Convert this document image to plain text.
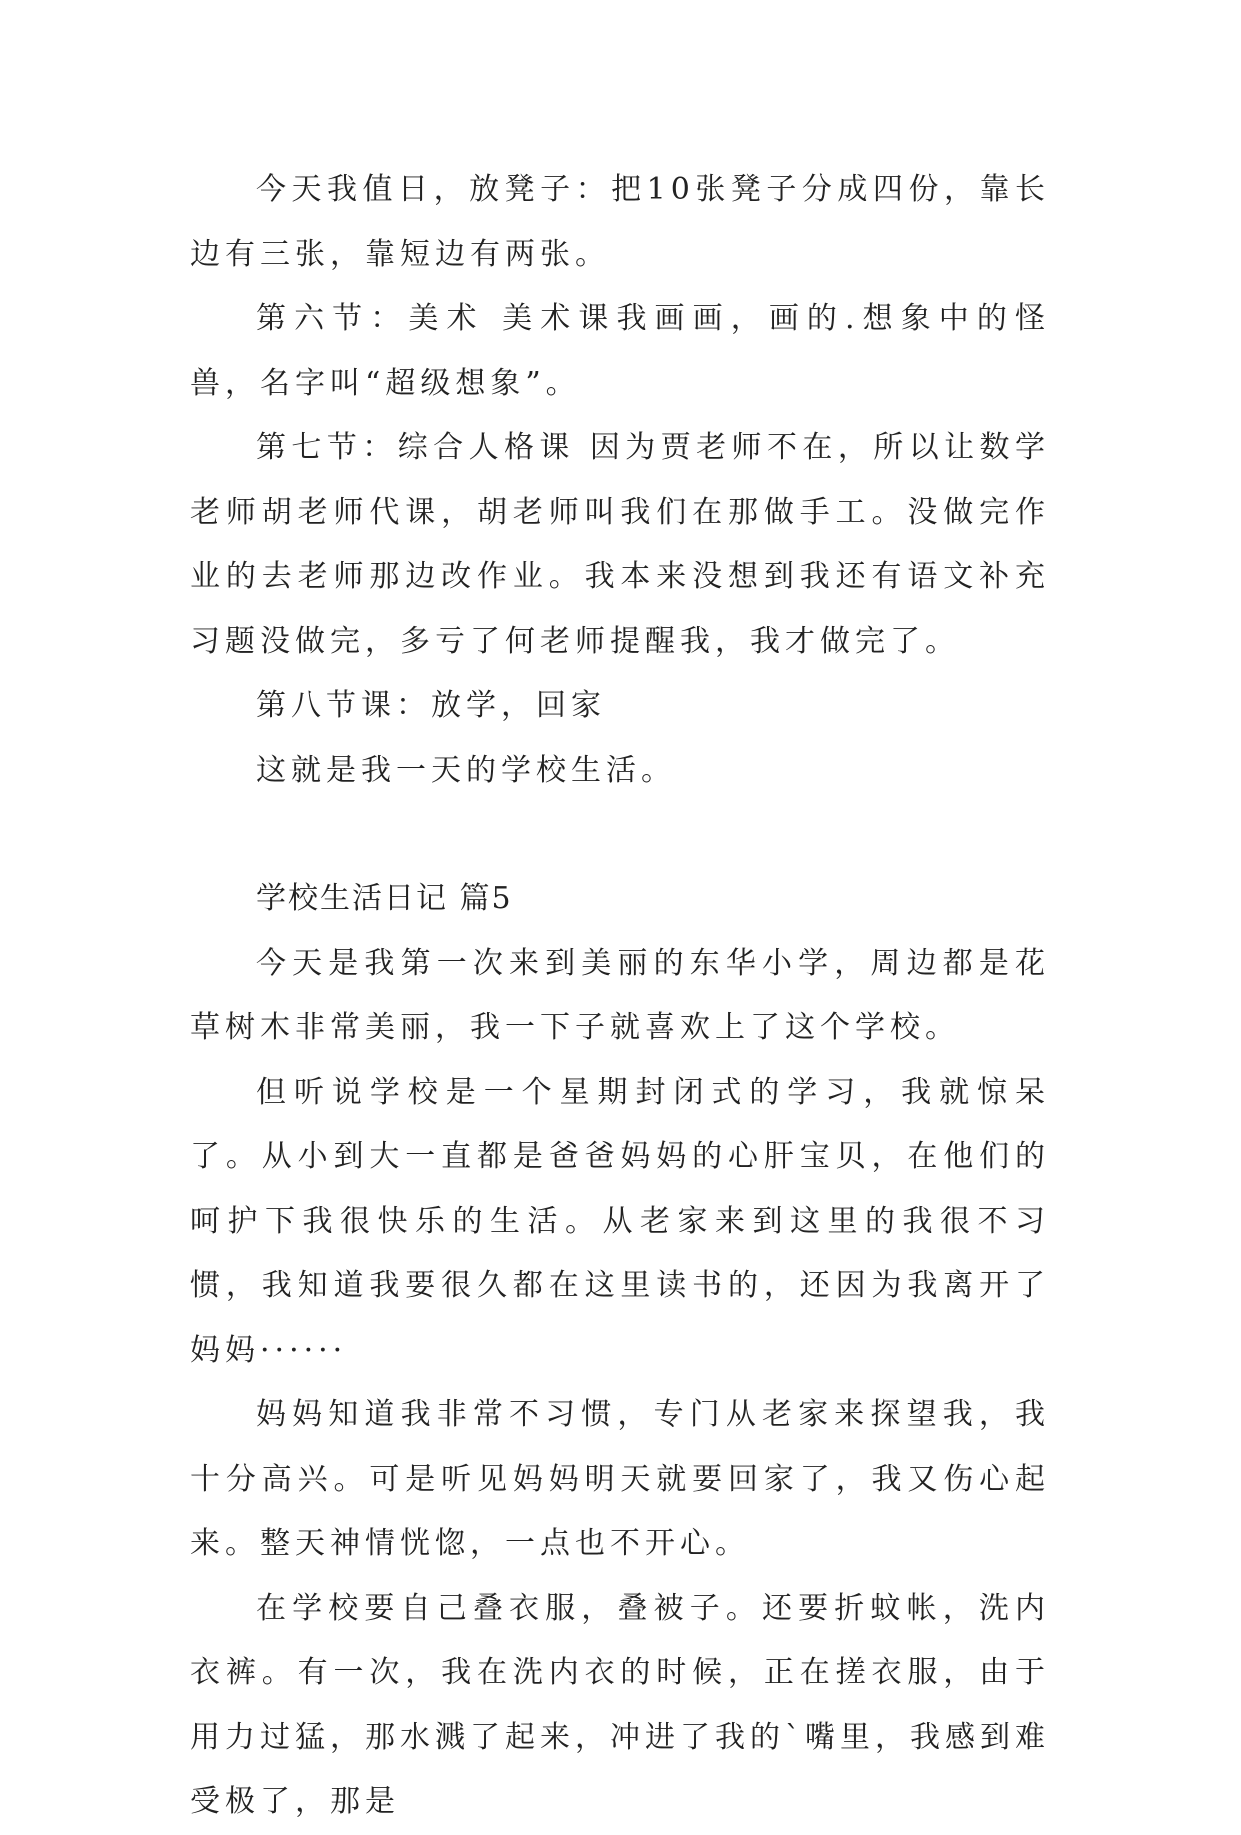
今天我值日，放凳子：把10张凳子分成四份，靠长边有三张，靠短边有两张。

第六节：美术 美术课我画画，画的.想象中的怪兽，名字叫“超级想象”。

第七节：综合人格课 因为贾老师不在，所以让数学老师胡老师代课，胡老师叫我们在那做手工。没做完作业的去老师那边改作业。我本来没想到我还有语文补充习题没做完，多亏了何老师提醒我，我才做完了。

第八节课：放学，回家

这就是我一天的学校生活。

学校生活日记 篇5

今天是我第一次来到美丽的东华小学，周边都是花草树木非常美丽，我一下子就喜欢上了这个学校。

但听说学校是一个星期封闭式的学习，我就惊呆了。从小到大一直都是爸爸妈妈的心肝宝贝，在他们的呵护下我很快乐的生活。从老家来到这里的我很不习惯，我知道我要很久都在这里读书的，还因为我离开了妈妈······

妈妈知道我非常不习惯，专门从老家来探望我，我十分高兴。可是听见妈妈明天就要回家了，我又伤心起来。整天神情恍惚，一点也不开心。

在学校要自己叠衣服，叠被子。还要折蚊帐，洗内衣裤。有一次，我在洗内衣的时候，正在搓衣服，由于用力过猛，那水溅了起来，冲进了我的`嘴里，我感到难受极了，那是
